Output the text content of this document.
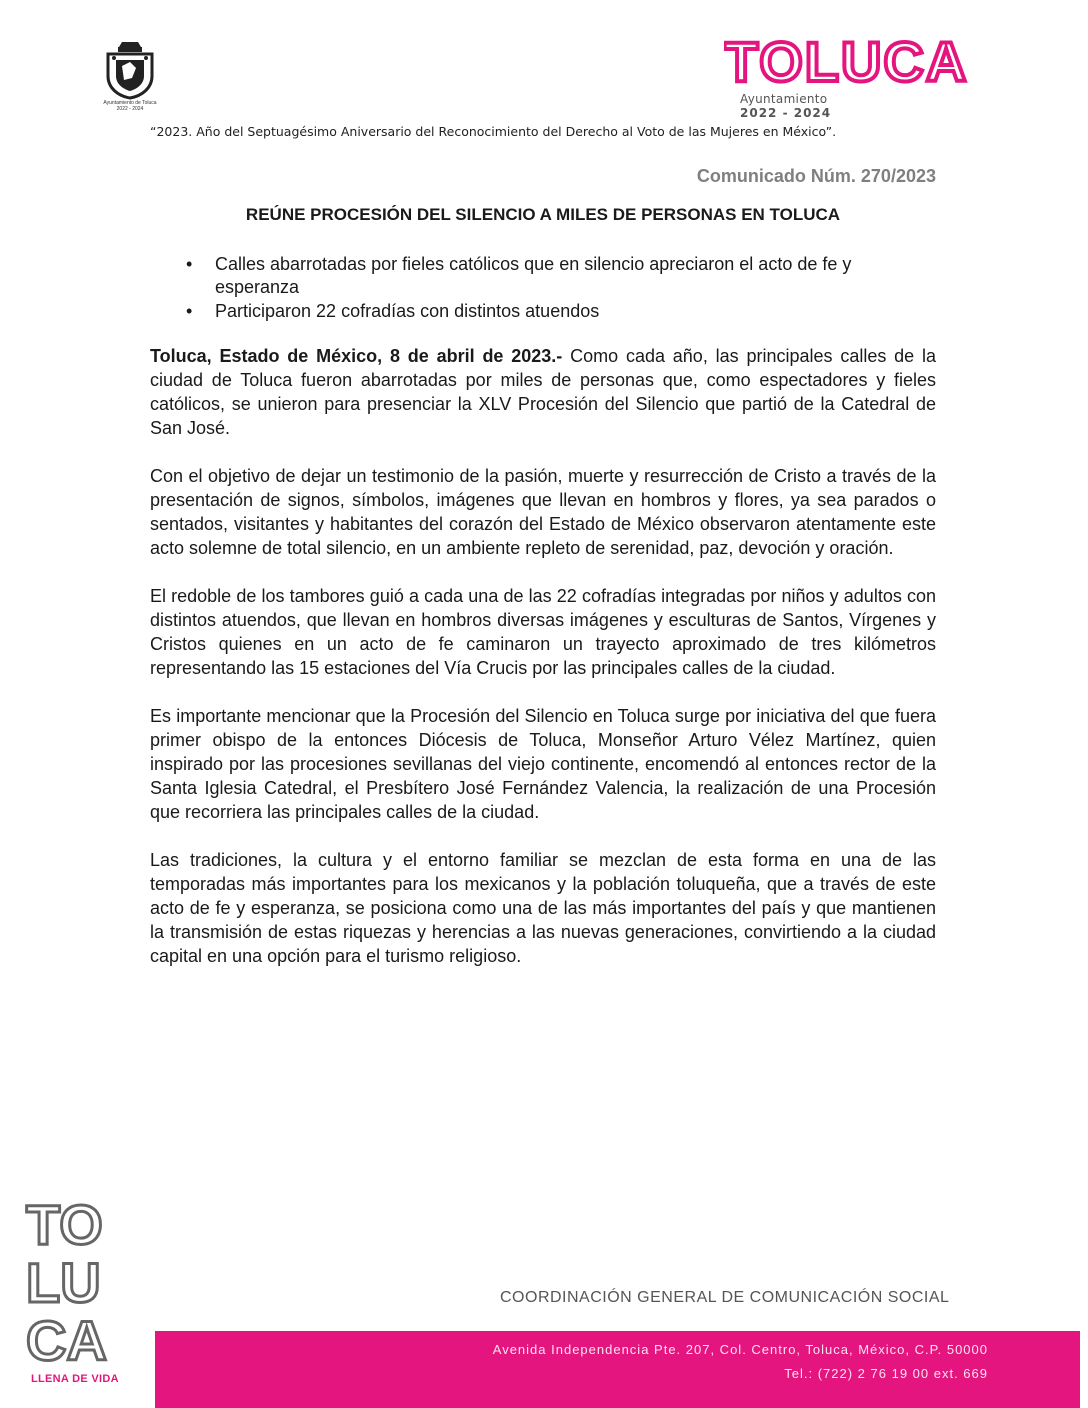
Ayuntamiento de Toluca
2022 - 2024
TOLUCA
Ayuntamiento
2022 - 2024
“2023. Año del Septuagésimo Aniversario del Reconocimiento del Derecho al Voto de las Mujeres en México”.
Comunicado Núm. 270/2023
REÚNE PROCESIÓN DEL SILENCIO A MILES DE PERSONAS EN TOLUCA
• Calles abarrotadas por fieles católicos que en silencio apreciaron el acto de fe y esperanza
• Participaron 22 cofradías con distintos atuendos

Toluca, Estado de México, 8 de abril de 2023.- Como cada año, las principales calles de la ciudad de Toluca fueron abarrotadas por miles de personas que, como espectadores y fieles católicos, se unieron para presenciar la XLV Procesión del Silencio que partió de la Catedral de San José.

Con el objetivo de dejar un testimonio de la pasión, muerte y resurrección de Cristo a través de la presentación de signos, símbolos, imágenes que llevan en hombros y flores, ya sea parados o sentados, visitantes y habitantes del corazón del Estado de México observaron atentamente este acto solemne de total silencio, en un ambiente repleto de serenidad, paz, devoción y oración.

El redoble de los tambores guió a cada una de las 22 cofradías integradas por niños y adultos con distintos atuendos, que llevan en hombros diversas imágenes y esculturas de Santos, Vírgenes y Cristos quienes en un acto de fe caminaron un trayecto aproximado de tres kilómetros representando las 15 estaciones del Vía Crucis por las principales calles de la ciudad.

Es importante mencionar que la Procesión del Silencio en Toluca surge por iniciativa del que fuera primer obispo de la entonces Diócesis de Toluca, Monseñor Arturo Vélez Martínez, quien inspirado por las procesiones sevillanas del viejo continente, encomendó al entonces rector de la Santa Iglesia Catedral, el Presbítero José Fernández Valencia, la realización de una Procesión que recorriera las principales calles de la ciudad.

Las tradiciones, la cultura y el entorno familiar se mezclan de esta forma en una de las temporadas más importantes para los mexicanos y la población toluqueña, que a través de este acto de fe y esperanza, se posiciona como una de las más importantes del país y que mantienen la transmisión de estas riquezas y herencias a las nuevas generaciones, convirtiendo a la ciudad capital en una opción para el turismo religioso.

TO
LU
CA
LLENA DE VIDA
COORDINACIÓN GENERAL DE COMUNICACIÓN SOCIAL
Avenida Independencia Pte. 207, Col. Centro, Toluca, México, C.P. 50000
Tel.: (722) 2 76 19 00 ext. 669
